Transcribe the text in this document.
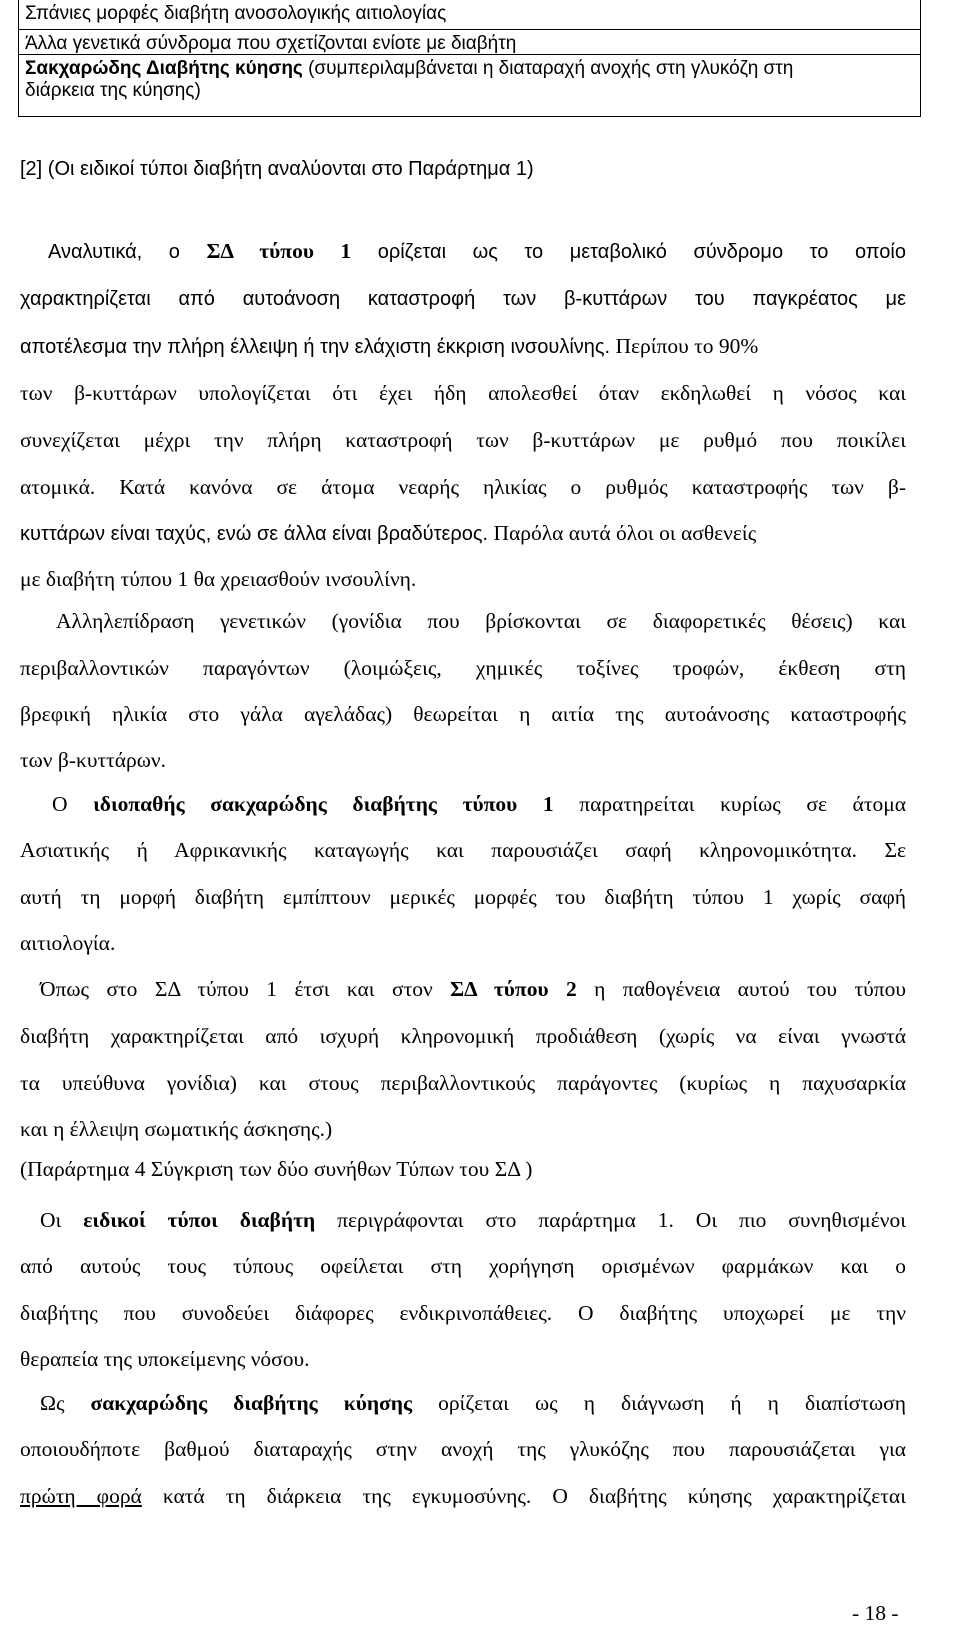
Σπάνιες μορφές διαβήτη ανοσολογικής αιτιολογίας
Άλλα γενετικά σύνδρομα που σχετίζονται ενίοτε με διαβήτη
Σακχαρώδης Διαβήτης κύησης (συμπεριλαμβάνεται η διαταραχή ανοχής στη γλυκόζη στη
διάρκεια της κύησης)
[2] (Οι ειδικοί τύποι διαβήτη αναλύονται στο Παράρτημα 1)
Αναλυτικά, ο ΣΔ τύπου 1 ορίζεται ως το μεταβολικό σύνδρομο το οποίο
χαρακτηρίζεται από αυτοάνοση καταστροφή των β-κυττάρων του παγκρέατος με
αποτέλεσμα την πλήρη έλλειψη ή την ελάχιστη έκκριση ινσουλίνης. Περίπου το 90%
των β-κυττάρων υπολογίζεται ότι έχει ήδη απολεσθεί όταν εκδηλωθεί η νόσος και
συνεχίζεται μέχρι την πλήρη καταστροφή των β-κυττάρων με ρυθμό που ποικίλει
ατομικά. Κατά κανόνα σε άτομα νεαρής ηλικίας ο ρυθμός καταστροφής των β-
κυττάρων είναι ταχύς, ενώ σε άλλα είναι βραδύτερος. Παρόλα αυτά όλοι οι ασθενείς
με διαβήτη τύπου 1 θα χρειασθούν ινσουλίνη.
Αλληλεπίδραση γενετικών (γονίδια που βρίσκονται σε διαφορετικές θέσεις) και
περιβαλλοντικών παραγόντων (λοιμώξεις, χημικές τοξίνες τροφών, έκθεση στη
βρεφική ηλικία στο γάλα αγελάδας) θεωρείται η αιτία της αυτοάνοσης καταστροφής
των β-κυττάρων.
Ο ιδιοπαθής σακχαρώδης διαβήτης τύπου 1 παρατηρείται κυρίως σε άτομα
Ασιατικής ή Αφρικανικής καταγωγής και παρουσιάζει σαφή κληρονομικότητα. Σε
αυτή τη μορφή διαβήτη εμπίπτουν μερικές μορφές του διαβήτη τύπου 1 χωρίς σαφή
αιτιολογία.
Όπως στο ΣΔ τύπου 1 έτσι και στον ΣΔ τύπου 2 η παθογένεια αυτού του τύπου
διαβήτη χαρακτηρίζεται από ισχυρή κληρονομική προδιάθεση (χωρίς να είναι γνωστά
τα υπεύθυνα γονίδια) και στους περιβαλλοντικούς παράγοντες (κυρίως η παχυσαρκία
και η έλλειψη σωματικής άσκησης.)
(Παράρτημα 4 Σύγκριση των δύο συνήθων Τύπων του ΣΔ )
Οι ειδικοί τύποι διαβήτη περιγράφονται στο παράρτημα 1. Οι πιο συνηθισμένοι
από αυτούς τους τύπους οφείλεται στη χορήγηση ορισμένων φαρμάκων και ο
διαβήτης που συνοδεύει διάφορες ενδικρινοπάθειες. Ο διαβήτης υποχωρεί με την
θεραπεία της υποκείμενης νόσου.
Ως σακχαρώδης διαβήτης κύησης ορίζεται ως η διάγνωση ή η διαπίστωση
οποιουδήποτε βαθμού διαταραχής στην ανοχή της γλυκόζης που παρουσιάζεται για
πρώτη φορά κατά τη διάρκεια της εγκυμοσύνης. Ο διαβήτης κύησης χαρακτηρίζεται
- 18 -
